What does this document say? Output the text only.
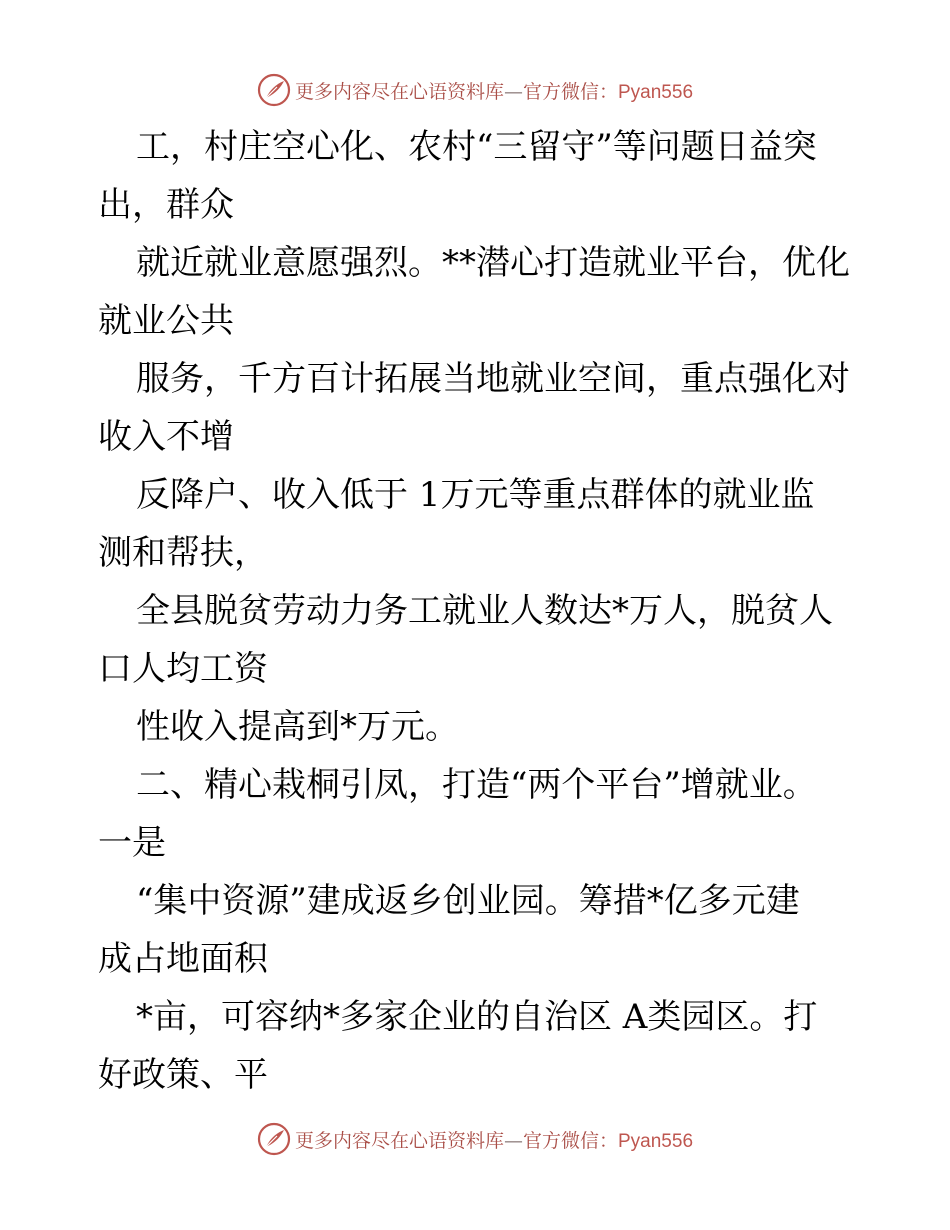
更多内容尽在心语资料库—官方微信：Pyan556
工，村庄空心化、农村“三留守”等问题日益突
出，群众
就近就业意愿强烈。**潜心打造就业平台，优化
就业公共
服务，千方百计拓展当地就业空间，重点强化对
收入不增
反降户、收入低于 1万元等重点群体的就业监
测和帮扶，
全县脱贫劳动力务工就业人数达*万人，脱贫人
口人均工资
性收入提高到*万元。
二、精心栽桐引凤，打造“两个平台”增就业。
一是
“集中资源”建成返乡创业园。筹措*亿多元建
成占地面积
*亩，可容纳*多家企业的自治区 A类园区。打
好政策、平
更多内容尽在心语资料库—官方微信：Pyan556
